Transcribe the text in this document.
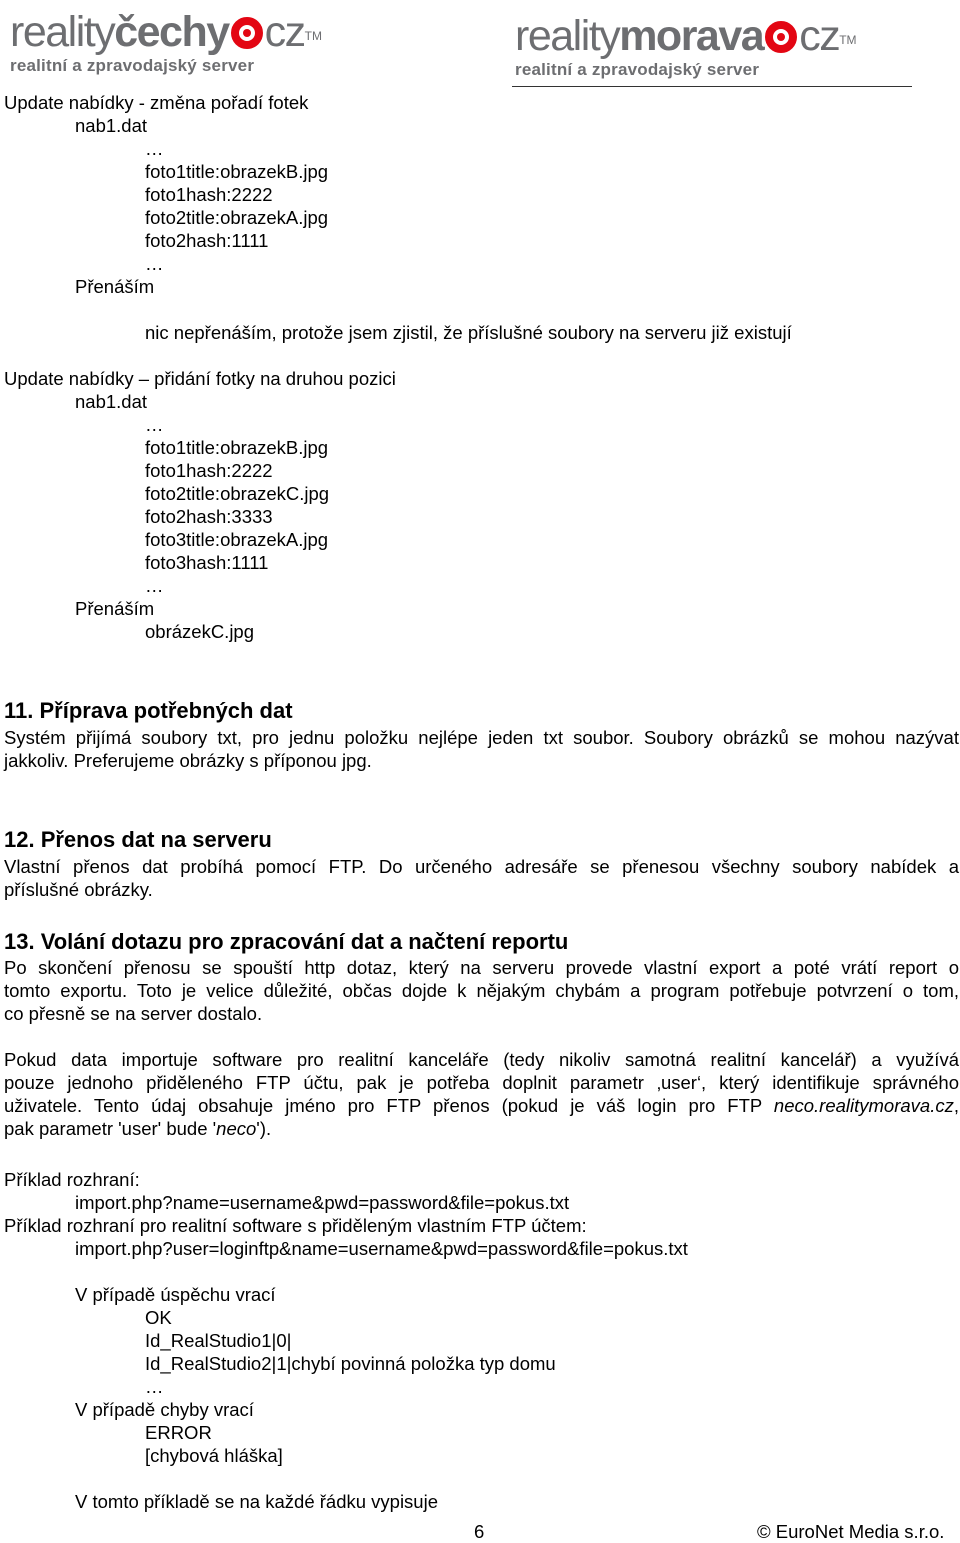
realityčechy cz™
realitní a zpravodajský server
realitymorava cz™
realitní a zpravodajský server
Update nabídky - změna pořadí fotek
nab1.dat
…
foto1title:obrazekB.jpg
foto1hash:2222
foto2title:obrazekA.jpg
foto2hash:1111
…
Přenáším
nic nepřenáším, protože jsem zjistil, že příslušné soubory na serveru již existují
Update nabídky – přidání fotky na druhou pozici
nab1.dat
…
foto1title:obrazekB.jpg
foto1hash:2222
foto2title:obrazekC.jpg
foto2hash:3333
foto3title:obrazekA.jpg
foto3hash:1111
…
Přenáším
obrázekC.jpg
11. Příprava potřebných dat
Systém přijímá soubory txt, pro jednu položku nejlépe jeden txt soubor. Soubory obrázků se mohou nazývat
jakkoliv. Preferujeme obrázky s příponou jpg.
12. Přenos dat na serveru
Vlastní přenos dat probíhá pomocí FTP. Do určeného adresáře se přenesou všechny soubory nabídek a
příslušné obrázky.
13. Volání dotazu pro zpracování dat a načtení reportu
Po skončení přenosu se spouští http dotaz, který na serveru provede vlastní export a poté vrátí report o
tomto exportu. Toto je velice důležité, občas dojde k nějakým chybám a program potřebuje potvrzení o tom,
co přesně se na server dostalo.
Pokud data importuje software pro realitní kanceláře (tedy nikoliv samotná realitní kancelář) a využívá
pouze jednoho přiděleného FTP účtu, pak je potřeba doplnit parametr ‚user‘, který identifikuje správného
uživatele. Tento údaj obsahuje jméno pro FTP přenos (pokud je váš login pro FTP neco.realitymorava.cz,
pak parametr 'user' bude 'neco').
Příklad rozhraní:
import.php?name=username&pwd=password&file=pokus.txt
Příklad rozhraní pro realitní software s přiděleným vlastním FTP účtem:
import.php?user=loginftp&name=username&pwd=password&file=pokus.txt
V případě úspěchu vrací
OK
Id_RealStudio1|0|
Id_RealStudio2|1|chybí povinná položka typ domu
…
V případě chyby vrací
ERROR
[chybová hláška]
V tomto příkladě se na každé řádku vypisuje
6	© EuroNet Media s.r.o.
